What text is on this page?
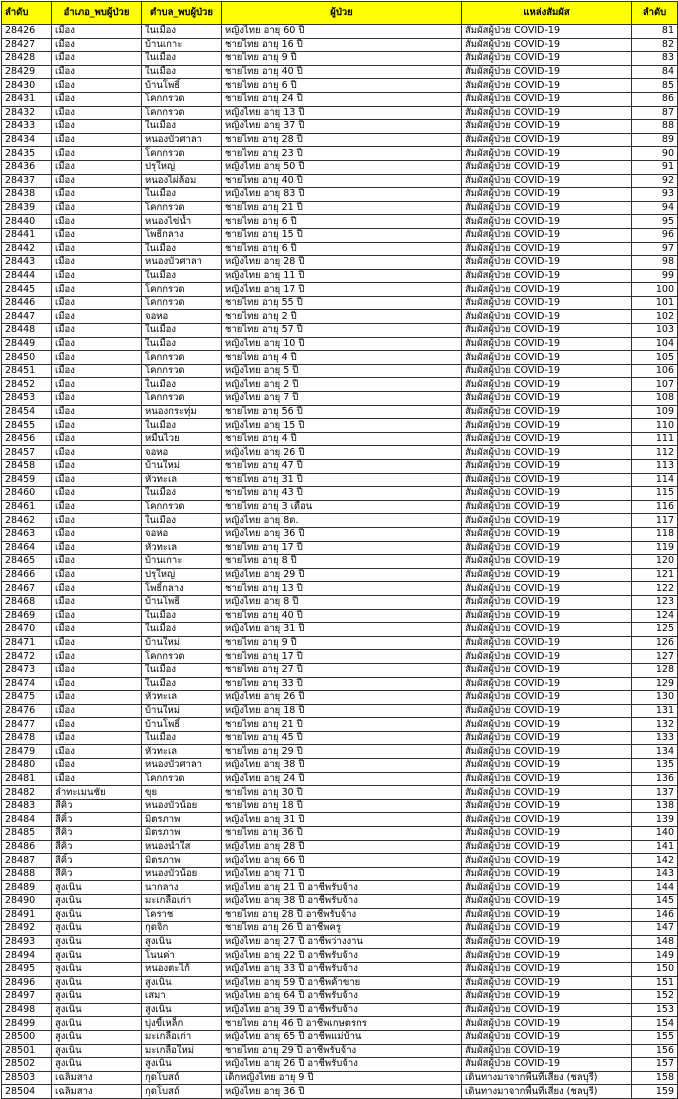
ลำดับ	อำเภอ_พบผู้ป่วย	ตำบล_พบผู้ป่วย	ผู้ป่วย	แหล่งสัมผัส	ลำดับ
28426	เมือง	ในเมือง	หญิงไทย อายุ 60 ปี	สัมผัสผู้ป่วย COVID-19	81
28427	เมือง	บ้านเกาะ	ชายไทย อายุ 16 ปี	สัมผัสผู้ป่วย COVID-19	82
28428	เมือง	ในเมือง	ชายไทย อายุ 9 ปี	สัมผัสผู้ป่วย COVID-19	83
28429	เมือง	ในเมือง	ชายไทย อายุ 40 ปี	สัมผัสผู้ป่วย COVID-19	84
28430	เมือง	บ้านโพธิ์	ชายไทย อายุ 6 ปี	สัมผัสผู้ป่วย COVID-19	85
28431	เมือง	โคกกรวด	ชายไทย อายุ 24 ปี	สัมผัสผู้ป่วย COVID-19	86
28432	เมือง	โคกกรวด	หญิงไทย อายุ 13 ปี	สัมผัสผู้ป่วย COVID-19	87
28433	เมือง	ในเมือง	หญิงไทย อายุ 37 ปี	สัมผัสผู้ป่วย COVID-19	88
28434	เมือง	หนองบัวศาลา	ชายไทย อายุ 28 ปี	สัมผัสผู้ป่วย COVID-19	89
28435	เมือง	โคกกรวด	ชายไทย อายุ 23 ปี	สัมผัสผู้ป่วย COVID-19	90
28436	เมือง	ปรุใหญ่	หญิงไทย อายุ 50 ปี	สัมผัสผู้ป่วย COVID-19	91
28437	เมือง	หนองไผ่ล้อม	ชายไทย อายุ 40 ปี	สัมผัสผู้ป่วย COVID-19	92
28438	เมือง	ในเมือง	หญิงไทย อายุ 83 ปี	สัมผัสผู้ป่วย COVID-19	93
28439	เมือง	โคกกรวด	ชายไทย อายุ 21 ปี	สัมผัสผู้ป่วย COVID-19	94
28440	เมือง	หนองไข่น้ำ	ชายไทย อายุ 6 ปี	สัมผัสผู้ป่วย COVID-19	95
28441	เมือง	โพธิ์กลาง	ชายไทย อายุ 15 ปี	สัมผัสผู้ป่วย COVID-19	96
28442	เมือง	ในเมือง	ชายไทย อายุ 6 ปี	สัมผัสผู้ป่วย COVID-19	97
28443	เมือง	หนองบัวศาลา	หญิงไทย อายุ 28 ปี	สัมผัสผู้ป่วย COVID-19	98
28444	เมือง	ในเมือง	หญิงไทย อายุ 11 ปี	สัมผัสผู้ป่วย COVID-19	99
28445	เมือง	โคกกรวด	หญิงไทย อายุ 17 ปี	สัมผัสผู้ป่วย COVID-19	100
28446	เมือง	โคกกรวด	ชายไทย อายุ 55 ปี	สัมผัสผู้ป่วย COVID-19	101
28447	เมือง	จอหอ	ชายไทย อายุ 2 ปี	สัมผัสผู้ป่วย COVID-19	102
28448	เมือง	ในเมือง	ชายไทย อายุ 57 ปี	สัมผัสผู้ป่วย COVID-19	103
28449	เมือง	ในเมือง	หญิงไทย อายุ 10 ปี	สัมผัสผู้ป่วย COVID-19	104
28450	เมือง	โคกกรวด	ชายไทย อายุ 4 ปี	สัมผัสผู้ป่วย COVID-19	105
28451	เมือง	โคกกรวด	หญิงไทย อายุ 5 ปี	สัมผัสผู้ป่วย COVID-19	106
28452	เมือง	ในเมือง	หญิงไทย อายุ 2 ปี	สัมผัสผู้ป่วย COVID-19	107
28453	เมือง	โคกกรวด	หญิงไทย อายุ 7 ปี	สัมผัสผู้ป่วย COVID-19	108
28454	เมือง	หนองกระทุ่ม	ชายไทย อายุ 56 ปี	สัมผัสผู้ป่วย COVID-19	109
28455	เมือง	ในเมือง	หญิงไทย อายุ 15 ปี	สัมผัสผู้ป่วย COVID-19	110
28456	เมือง	หมื่นไวย	ชายไทย อายุ 4 ปี	สัมผัสผู้ป่วย COVID-19	111
28457	เมือง	จอหอ	หญิงไทย อายุ 26 ปี	สัมผัสผู้ป่วย COVID-19	112
28458	เมือง	บ้านใหม่	ชายไทย อายุ 47 ปี	สัมผัสผู้ป่วย COVID-19	113
28459	เมือง	หัวทะเล	ชายไทย อายุ 31 ปี	สัมผัสผู้ป่วย COVID-19	114
28460	เมือง	ในเมือง	ชายไทย อายุ 43 ปี	สัมผัสผู้ป่วย COVID-19	115
28461	เมือง	โคกกรวด	ชายไทย อายุ 3 เดือน	สัมผัสผู้ป่วย COVID-19	116
28462	เมือง	ในเมือง	หญิงไทย อายุ 8ด.	สัมผัสผู้ป่วย COVID-19	117
28463	เมือง	จอหอ	หญิงไทย อายุ 36 ปี	สัมผัสผู้ป่วย COVID-19	118
28464	เมือง	หัวทะเล	ชายไทย อายุ 17 ปี	สัมผัสผู้ป่วย COVID-19	119
28465	เมือง	บ้านเกาะ	ชายไทย อายุ 8 ปี	สัมผัสผู้ป่วย COVID-19	120
28466	เมือง	ปรุใหญ่	หญิงไทย อายุ 29 ปี	สัมผัสผู้ป่วย COVID-19	121
28467	เมือง	โพธิ์กลาง	ชายไทย อายุ 13 ปี	สัมผัสผู้ป่วย COVID-19	122
28468	เมือง	บ้านโพธิ์	หญิงไทย อายุ 8 ปี	สัมผัสผู้ป่วย COVID-19	123
28469	เมือง	ในเมือง	ชายไทย อายุ 40 ปี	สัมผัสผู้ป่วย COVID-19	124
28470	เมือง	ในเมือง	หญิงไทย อายุ 31 ปี	สัมผัสผู้ป่วย COVID-19	125
28471	เมือง	บ้านใหม่	ชายไทย อายุ 9 ปี	สัมผัสผู้ป่วย COVID-19	126
28472	เมือง	โคกกรวด	ชายไทย อายุ 17 ปี	สัมผัสผู้ป่วย COVID-19	127
28473	เมือง	ในเมือง	ชายไทย อายุ 27 ปี	สัมผัสผู้ป่วย COVID-19	128
28474	เมือง	ในเมือง	ชายไทย อายุ 33 ปี	สัมผัสผู้ป่วย COVID-19	129
28475	เมือง	หัวทะเล	หญิงไทย อายุ 26 ปี	สัมผัสผู้ป่วย COVID-19	130
28476	เมือง	บ้านใหม่	หญิงไทย อายุ 18 ปี	สัมผัสผู้ป่วย COVID-19	131
28477	เมือง	บ้านโพธิ์	ชายไทย อายุ 21 ปี	สัมผัสผู้ป่วย COVID-19	132
28478	เมือง	ในเมือง	ชายไทย อายุ 45 ปี	สัมผัสผู้ป่วย COVID-19	133
28479	เมือง	หัวทะเล	ชายไทย อายุ 29 ปี	สัมผัสผู้ป่วย COVID-19	134
28480	เมือง	หนองบัวศาลา	หญิงไทย อายุ 38 ปี	สัมผัสผู้ป่วย COVID-19	135
28481	เมือง	โคกกรวด	หญิงไทย อายุ 24 ปี	สัมผัสผู้ป่วย COVID-19	136
28482	ลำทะเมนชัย	ขุย	ชายไทย อายุ 30 ปี	สัมผัสผู้ป่วย COVID-19	137
28483	สีคิ้ว	หนองบัวน้อย	ชายไทย อายุ 18 ปี	สัมผัสผู้ป่วย COVID-19	138
28484	สีคิ้ว	มิตรภาพ	หญิงไทย อายุ 31 ปี	สัมผัสผู้ป่วย COVID-19	139
28485	สีคิ้ว	มิตรภาพ	ชายไทย อายุ 36 ปี	สัมผัสผู้ป่วย COVID-19	140
28486	สีคิ้ว	หนองน้ำใส	หญิงไทย อายุ 28 ปี	สัมผัสผู้ป่วย COVID-19	141
28487	สีคิ้ว	มิตรภาพ	หญิงไทย อายุ 66 ปี	สัมผัสผู้ป่วย COVID-19	142
28488	สีคิ้ว	หนองบัวน้อย	หญิงไทย อายุ 71 ปี	สัมผัสผู้ป่วย COVID-19	143
28489	สูงเนิน	นากลาง	หญิงไทย อายุ 21 ปี อาชีพรับจ้าง	สัมผัสผู้ป่วย COVID-19	144
28490	สูงเนิน	มะเกลือเก่า	หญิงไทย อายุ 38 ปี อาชีพรับจ้าง	สัมผัสผู้ป่วย COVID-19	145
28491	สูงเนิน	โคราช	ชายไทย อายุ 28 ปี อาชีพรับจ้าง	สัมผัสผู้ป่วย COVID-19	146
28492	สูงเนิน	กุดจิก	ชายไทย อายุ 26 ปี อาชีพครู	สัมผัสผู้ป่วย COVID-19	147
28493	สูงเนิน	สูงเนิน	หญิงไทย อายุ 27 ปี อาชีพว่างงาน	สัมผัสผู้ป่วย COVID-19	148
28494	สูงเนิน	โนนค่า	หญิงไทย อายุ 22 ปี อาชีพรับจ้าง	สัมผัสผู้ป่วย COVID-19	149
28495	สูงเนิน	หนองตะไก้	หญิงไทย อายุ 33 ปี อาชีพรับจ้าง	สัมผัสผู้ป่วย COVID-19	150
28496	สูงเนิน	สูงเนิน	หญิงไทย อายุ 59 ปี อาชีพค้าขาย	สัมผัสผู้ป่วย COVID-19	151
28497	สูงเนิน	เสมา	หญิงไทย อายุ 64 ปี อาชีพรับจ้าง	สัมผัสผู้ป่วย COVID-19	152
28498	สูงเนิน	สูงเนิน	หญิงไทย อายุ 39 ปี อาชีพรับจ้าง	สัมผัสผู้ป่วย COVID-19	153
28499	สูงเนิน	บุ่งขี้เหล็ก	ชายไทย อายุ 46 ปี อาชีพเกษตรกร	สัมผัสผู้ป่วย COVID-19	154
28500	สูงเนิน	มะเกลือเก่า	หญิงไทย อายุ 65 ปี อาชีพแม่บ้าน	สัมผัสผู้ป่วย COVID-19	155
28501	สูงเนิน	มะเกลือใหม่	ชายไทย อายุ 29 ปี อาชีพรับจ้าง	สัมผัสผู้ป่วย COVID-19	156
28502	สูงเนิน	สูงเนิน	หญิงไทย อายุ 26 ปี อาชีพรับจ้าง	สัมผัสผู้ป่วย COVID-19	157
28503	เฉลิมสาง	กุดโบสถ์	เด็กหญิงไทย อายุ 9 ปี	เดินทางมาจากพื้นที่เสี่ยง (ชลบุรี)	158
28504	เฉลิมสาง	กุดโบสถ์	หญิงไทย อายุ 36 ปี	เดินทางมาจากพื้นที่เสี่ยง (ชลบุรี)	159
